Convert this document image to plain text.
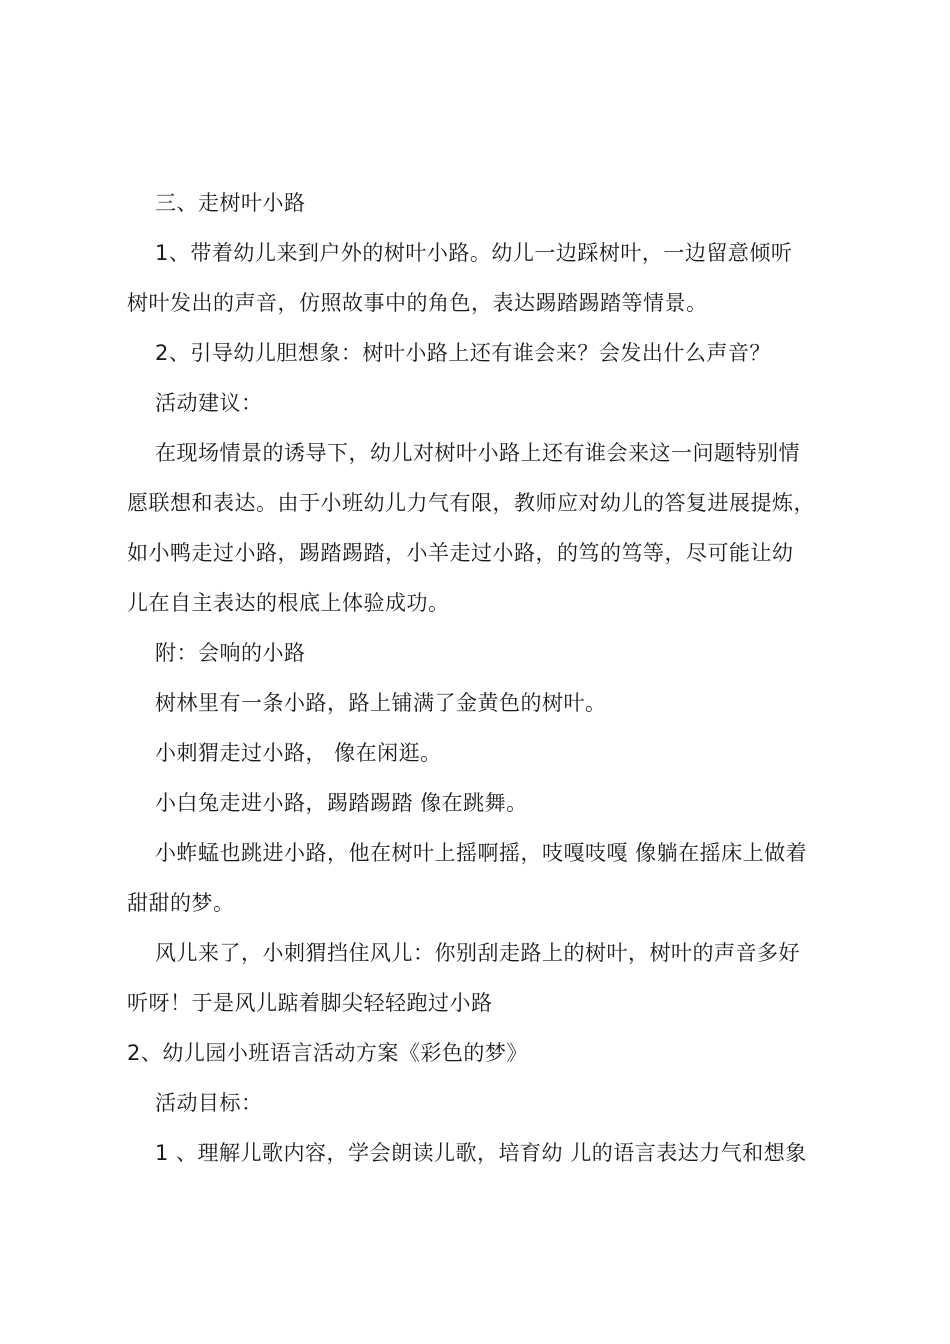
三、走树叶小路
1、带着幼儿来到户外的树叶小路。幼儿一边踩树叶，一边留意倾听
树叶发出的声音，仿照故事中的角色，表达踢踏踢踏等情景。
2、引导幼儿胆想象：树叶小路上还有谁会来？会发出什么声音？
活动建议：
在现场情景的诱导下，幼儿对树叶小路上还有谁会来这一问题特别情
愿联想和表达。由于小班幼儿力气有限，教师应对幼儿的答复进展提炼，
如小鸭走过小路，踢踏踢踏，小羊走过小路，的笃的笃等，尽可能让幼
儿在自主表达的根底上体验成功。
附：会响的小路
树林里有一条小路，路上铺满了金黄色的树叶。
小刺猬走过小路， 像在闲逛。
小白兔走进小路，踢踏踢踏 像在跳舞。
小蚱蜢也跳进小路，他在树叶上摇啊摇，吱嘎吱嘎 像躺在摇床上做着
甜甜的梦。
风儿来了，小刺猬挡住风儿：你别刮走路上的树叶，树叶的声音多好
听呀！于是风儿踮着脚尖轻轻跑过小路
2、幼儿园小班语言活动方案《彩色的梦》
活动目标：
1 、理解儿歌内容，学会朗读儿歌，培育幼 儿的语言表达力气和想象
